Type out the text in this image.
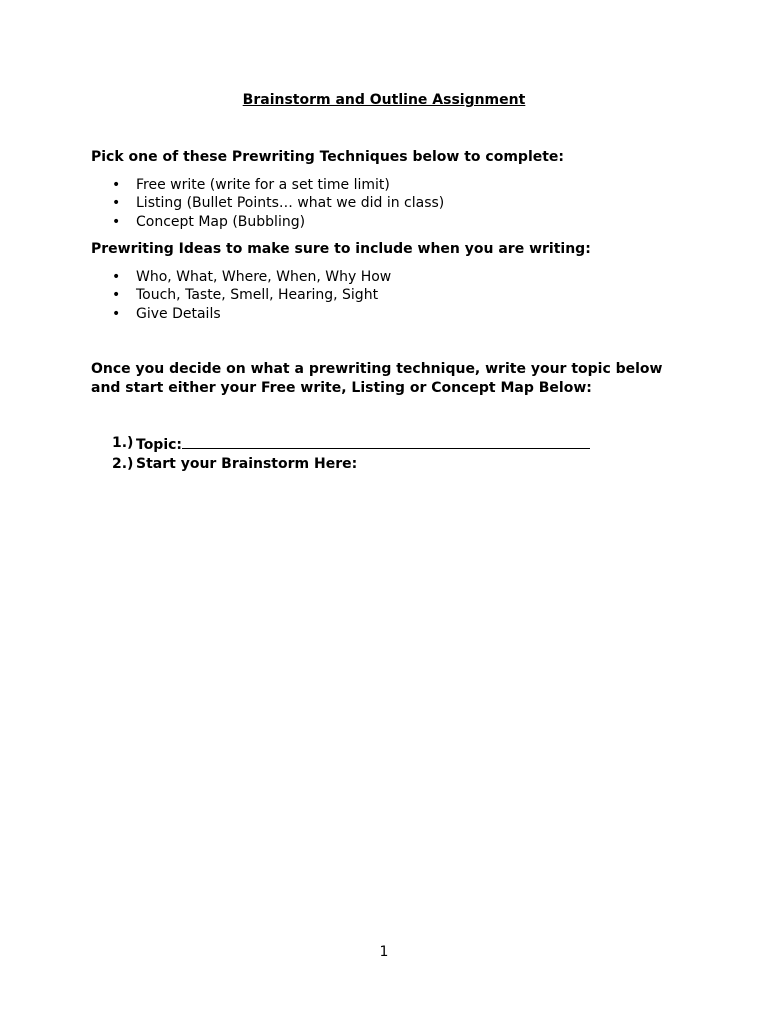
Brainstorm and Outline Assignment
Pick one of these Prewriting Techniques below to complete:
• Free write (write for a set time limit)
• Listing (Bullet Points… what we did in class)
• Concept Map (Bubbling)
Prewriting Ideas to make sure to include when you are writing:
• Who, What, Where, When, Why How
• Touch, Taste, Smell, Hearing, Sight
• Give Details
Once you decide on what a prewriting technique, write your topic below
and start either your Free write, Listing or Concept Map Below:
1.) Topic:
2.) Start your Brainstorm Here:
1
